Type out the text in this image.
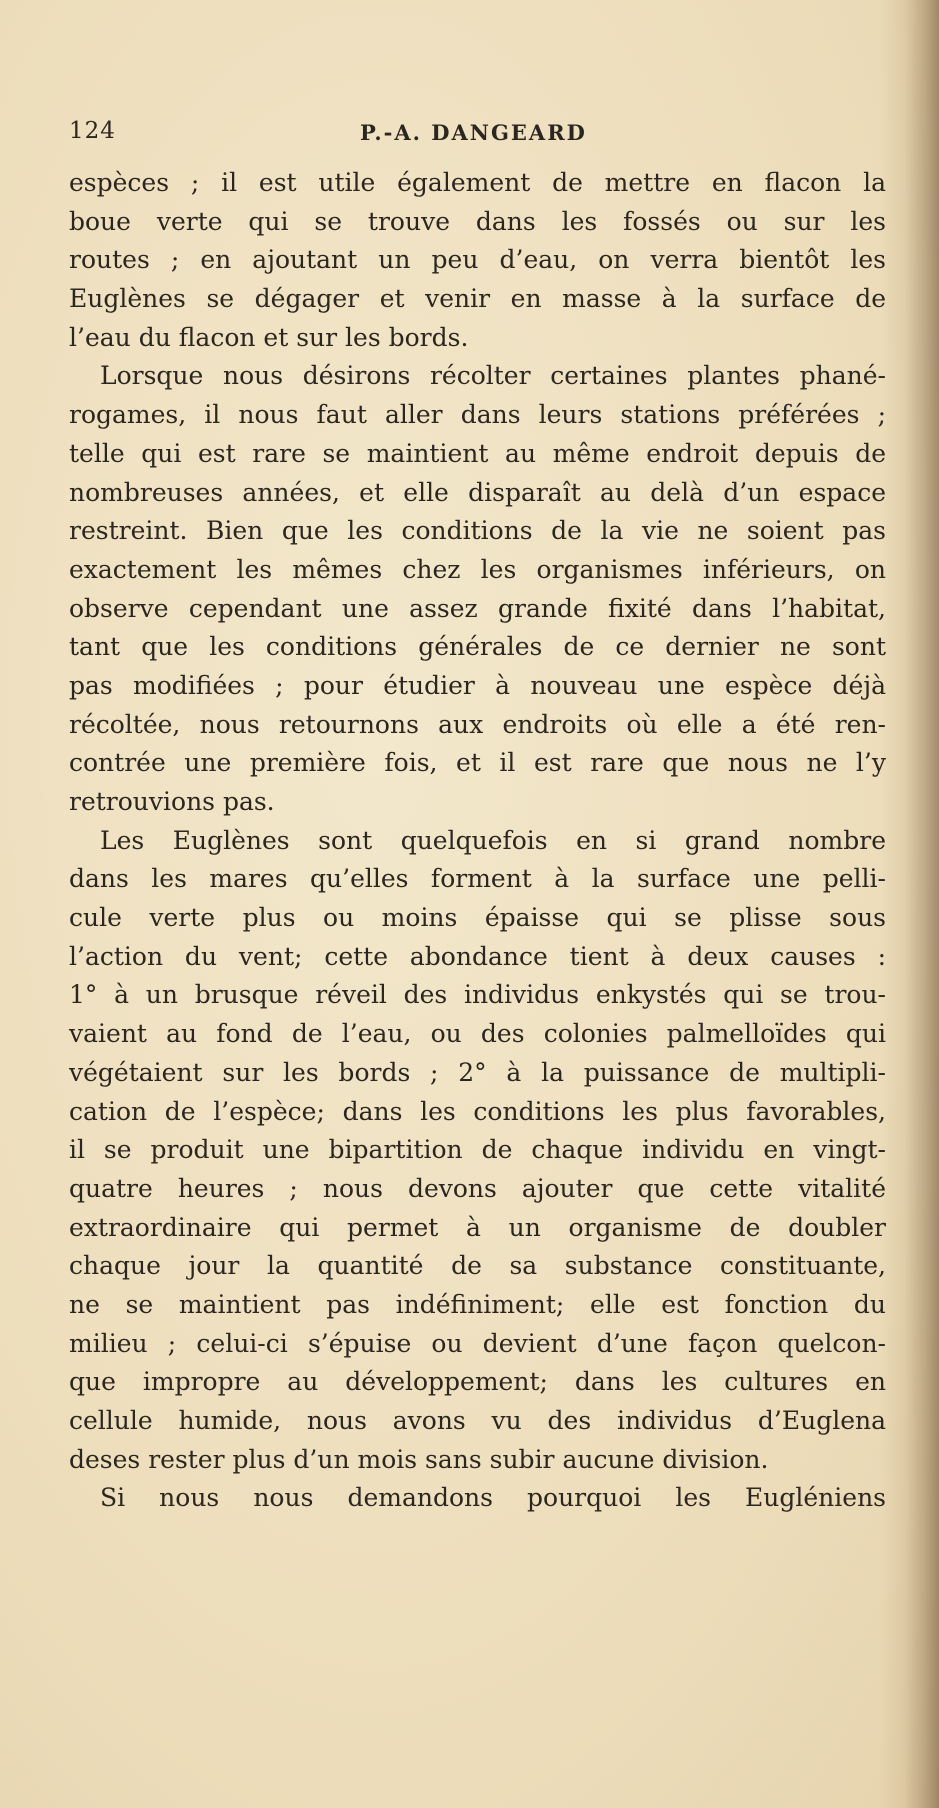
124	P.-A. DANGEARD
espèces ; il est utile également de mettre en flacon la
boue verte qui se trouve dans les fossés ou sur les
routes ; en ajoutant un peu d’eau, on verra bientôt les
Euglènes se dégager et venir en masse à la surface de
l’eau du flacon et sur les bords.
Lorsque nous désirons récolter certaines plantes phané-
rogames, il nous faut aller dans leurs stations préférées ;
telle qui est rare se maintient au même endroit depuis de
nombreuses années, et elle disparaît au delà d’un espace
restreint. Bien que les conditions de la vie ne soient pas
exactement les mêmes chez les organismes inférieurs, on
observe cependant une assez grande fixité dans l’habitat,
tant que les conditions générales de ce dernier ne sont
pas modifiées ; pour étudier à nouveau une espèce déjà
récoltée, nous retournons aux endroits où elle a été ren-
contrée une première fois, et il est rare que nous ne l’y
retrouvions pas.
Les Euglènes sont quelquefois en si grand nombre
dans les mares qu’elles forment à la surface une pelli-
cule verte plus ou moins épaisse qui se plisse sous
l’action du vent; cette abondance tient à deux causes :
1° à un brusque réveil des individus enkystés qui se trou-
vaient au fond de l’eau, ou des colonies palmelloïdes qui
végétaient sur les bords ; 2° à la puissance de multipli-
cation de l’espèce; dans les conditions les plus favorables,
il se produit une bipartition de chaque individu en vingt-
quatre heures ; nous devons ajouter que cette vitalité
extraordinaire qui permet à un organisme de doubler
chaque jour la quantité de sa substance constituante,
ne se maintient pas indéfiniment; elle est fonction du
milieu ; celui-ci s’épuise ou devient d’une façon quelcon-
que impropre au développement; dans les cultures en
cellule humide, nous avons vu des individus d’Euglena
deses rester plus d’un mois sans subir aucune division.
Si nous nous demandons pourquoi les Eugléniens
